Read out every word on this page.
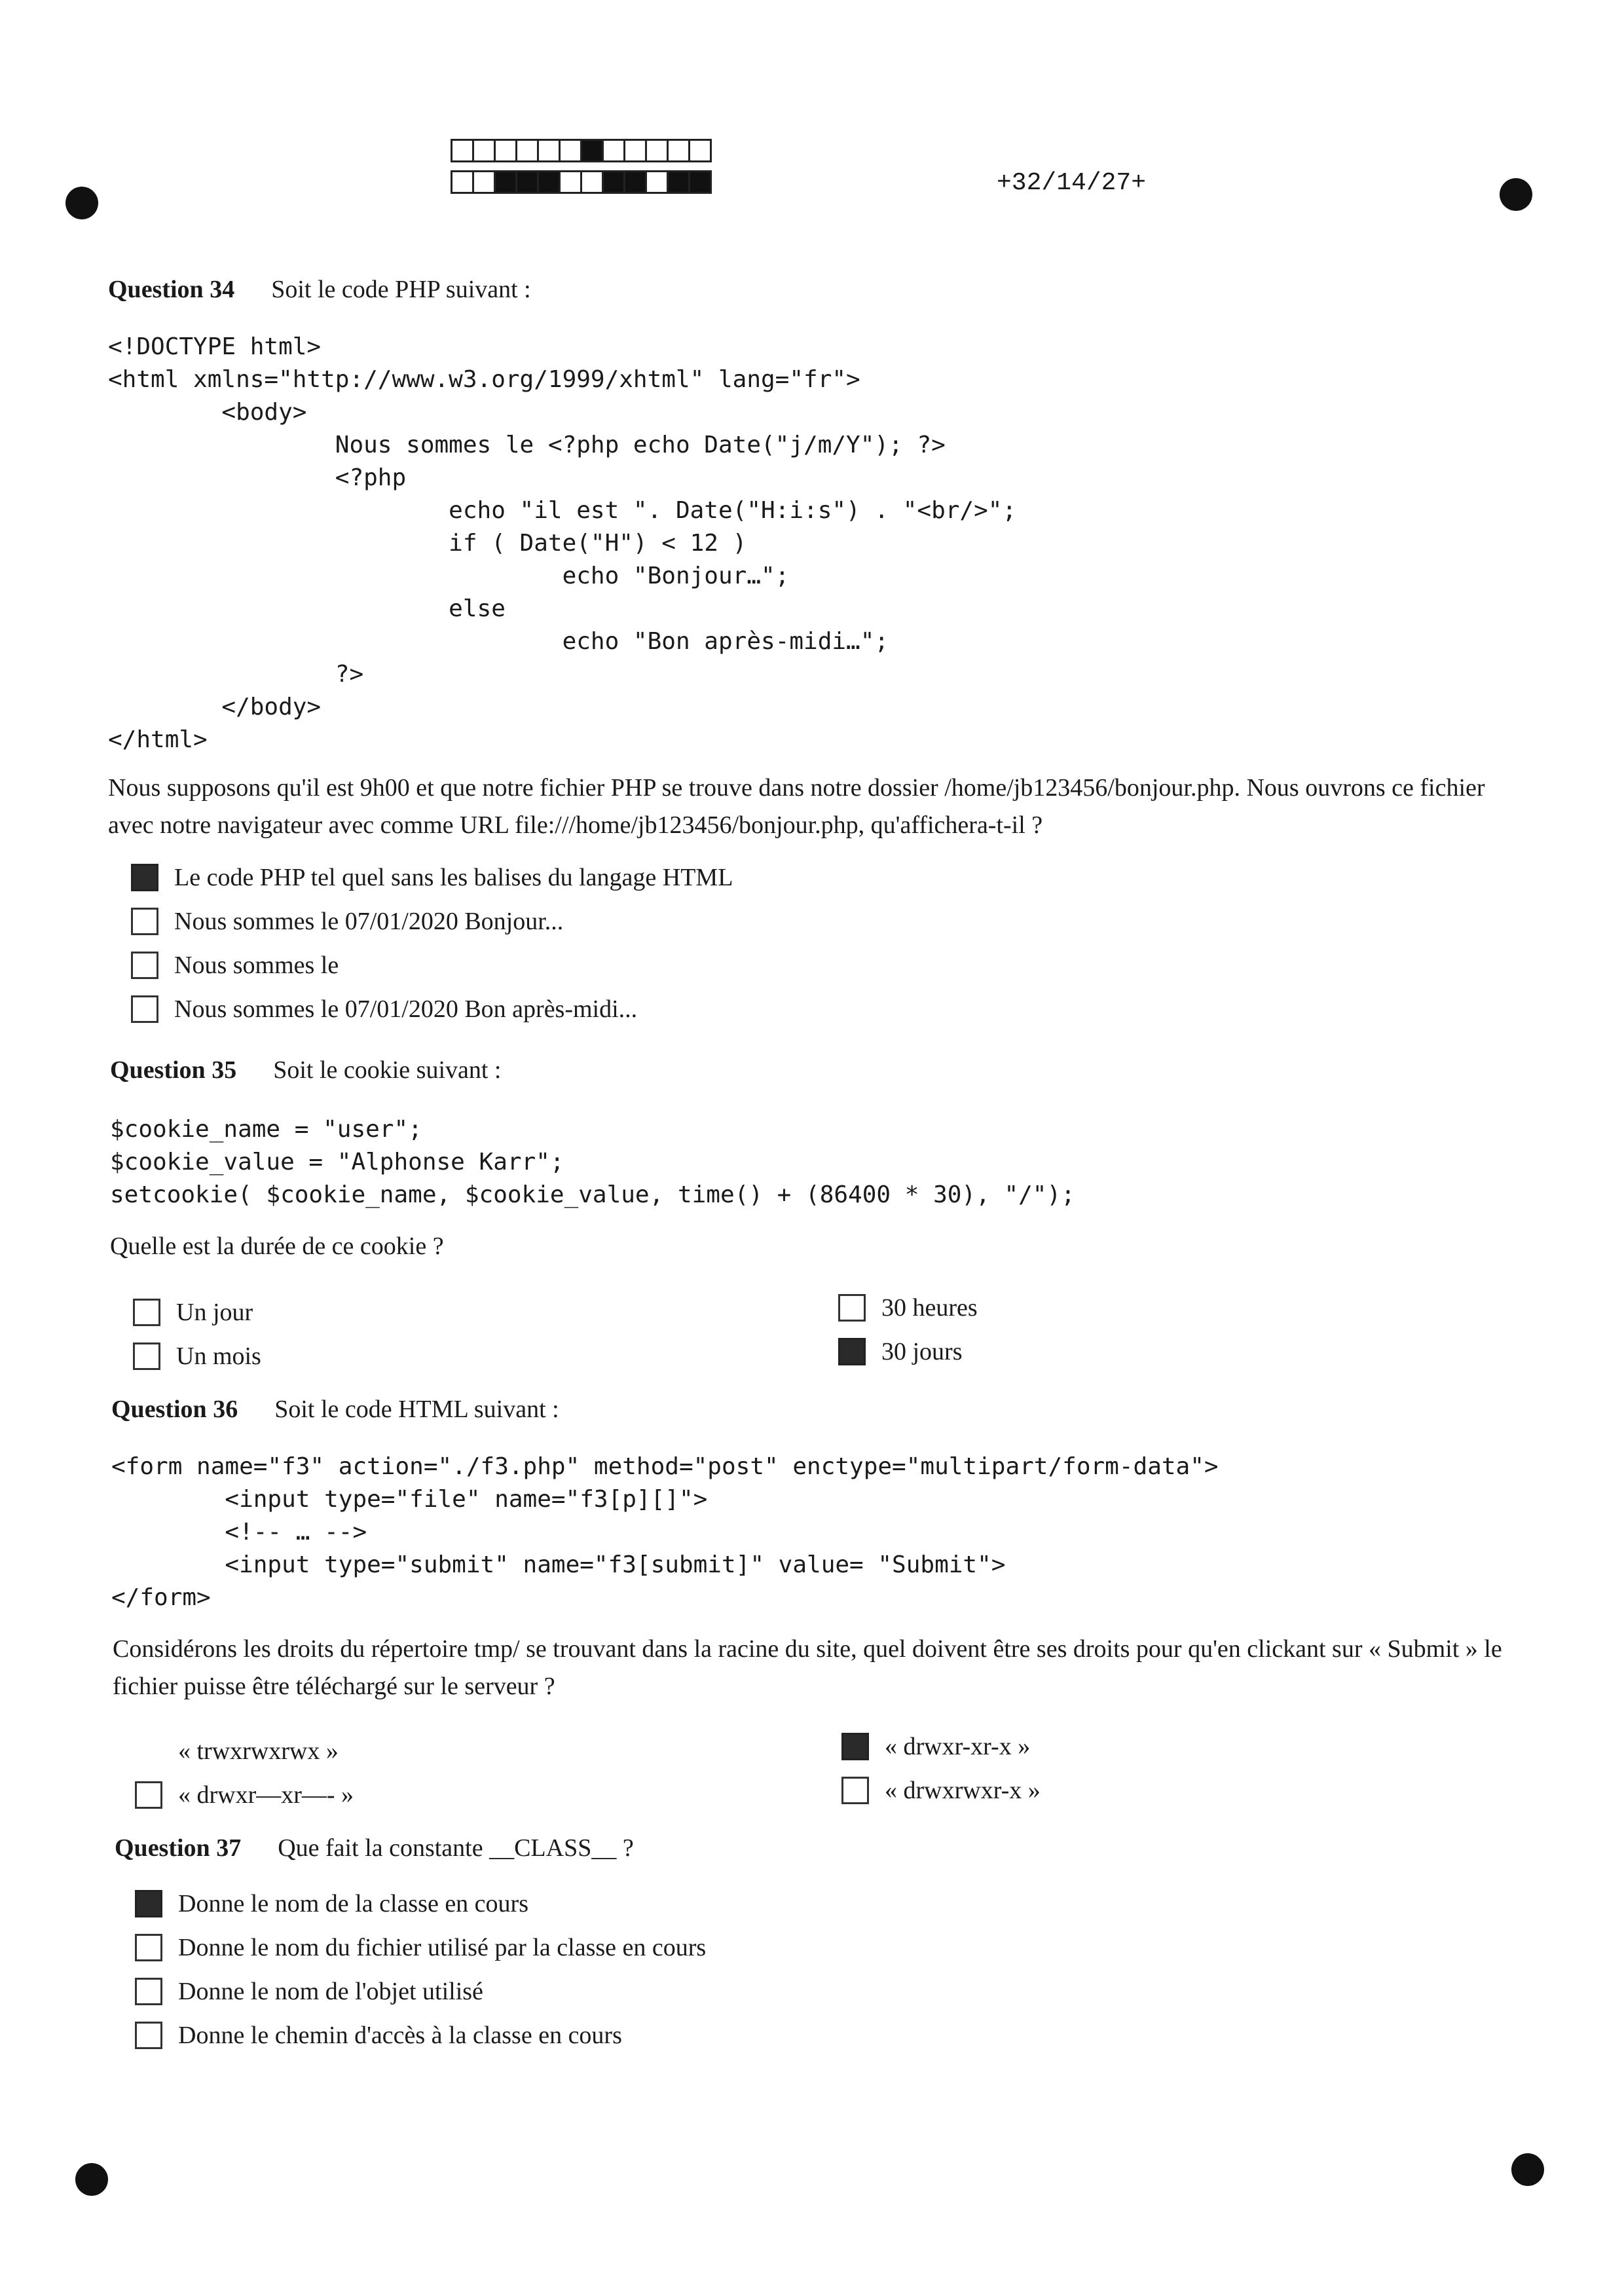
+32/14/27+
Question 34 Soit le code PHP suivant :
<!DOCTYPE html>
<html xmlns="http://www.w3.org/1999/xhtml" lang="fr">
<body>
Nous sommes le <?php echo Date("j/m/Y"); ?>
<?php
echo "il est ". Date("H:i:s") . "<br/>";
if ( Date("H") < 12 )
echo "Bonjour…";
else
echo "Bon après-midi…";
?>
</body>
</html>
Nous supposons qu'il est 9h00 et que notre fichier PHP se trouve dans notre dossier /home/jb123456/bonjour.php. Nous ouvrons ce fichier avec notre navigateur avec comme URL file:///home/jb123456/bonjour.php, qu'affichera-t-il ?
Le code PHP tel quel sans les balises du langage HTML
Nous sommes le 07/01/2020 Bonjour...
Nous sommes le
Nous sommes le 07/01/2020 Bon après-midi...
Question 35 Soit le cookie suivant :
$cookie_name = "user";
$cookie_value = "Alphonse Karr";
setcookie( $cookie_name, $cookie_value, time() + (86400 * 30), "/");
Quelle est la durée de ce cookie ?
Un jour
Un mois
30 heures
30 jours
Question 36 Soit le code HTML suivant :
<form name="f3" action="./f3.php" method="post" enctype="multipart/form-data">
<input type="file" name="f3[p][]">
<!-- … -->
<input type="submit" name="f3[submit]" value= "Submit">
</form>
Considérons les droits du répertoire tmp/ se trouvant dans la racine du site, quel doivent être ses droits pour qu'en clickant sur « Submit » le fichier puisse être téléchargé sur le serveur ?
« trwxrwxrwx »
« drwxr—xr—- »
« drwxr-xr-x »
« drwxrwxr-x »
Question 37 Que fait la constante __CLASS__ ?
Donne le nom de la classe en cours
Donne le nom du fichier utilisé par la classe en cours
Donne le nom de l'objet utilisé
Donne le chemin d'accès à la classe en cours
